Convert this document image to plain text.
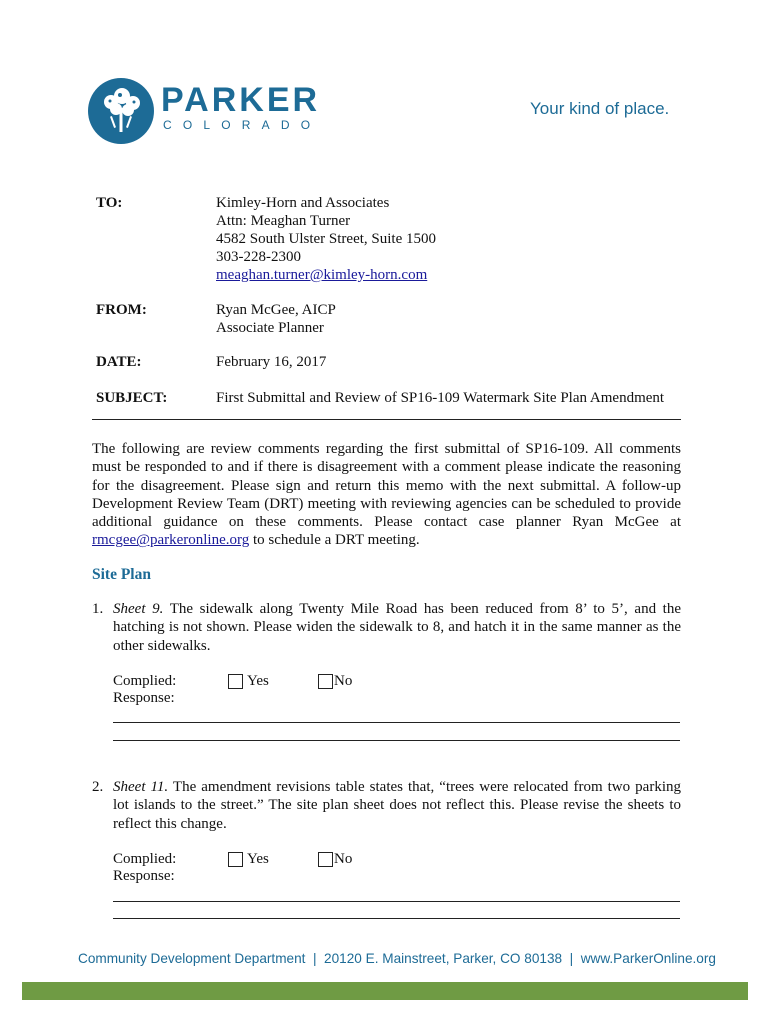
PARKER
COLORADO
Your kind of place.
TO:	Kimley-Horn and Associates
Attn: Meaghan Turner
4582 South Ulster Street, Suite 1500
303-228-2300
meaghan.turner@kimley-horn.com
FROM:	Ryan McGee, AICP
Associate Planner
DATE:	February 16, 2017
SUBJECT:	First Submittal and Review of SP16-109 Watermark Site Plan Amendment
The following are review comments regarding the first submittal of SP16-109. All comments must be responded to and if there is disagreement with a comment please indicate the reasoning for the disagreement. Please sign and return this memo with the next submittal. A follow-up Development Review Team (DRT) meeting with reviewing agencies can be scheduled to provide additional guidance on these comments. Please contact case planner Ryan McGee at rmcgee@parkeronline.org to schedule a DRT meeting.
Site Plan
1. Sheet 9. The sidewalk along Twenty Mile Road has been reduced from 8’ to 5’, and the hatching is not shown. Please widen the sidewalk to 8, and hatch it in the same manner as the other sidewalks.
Complied:
Response:
Yes	No
2. Sheet 11. The amendment revisions table states that, “trees were relocated from two parking lot islands to the street.” The site plan sheet does not reflect this. Please revise the sheets to reflect this change.
Complied:
Response:
Yes	No
Community Development Department  |  20120 E. Mainstreet, Parker, CO 80138  |  www.ParkerOnline.org
